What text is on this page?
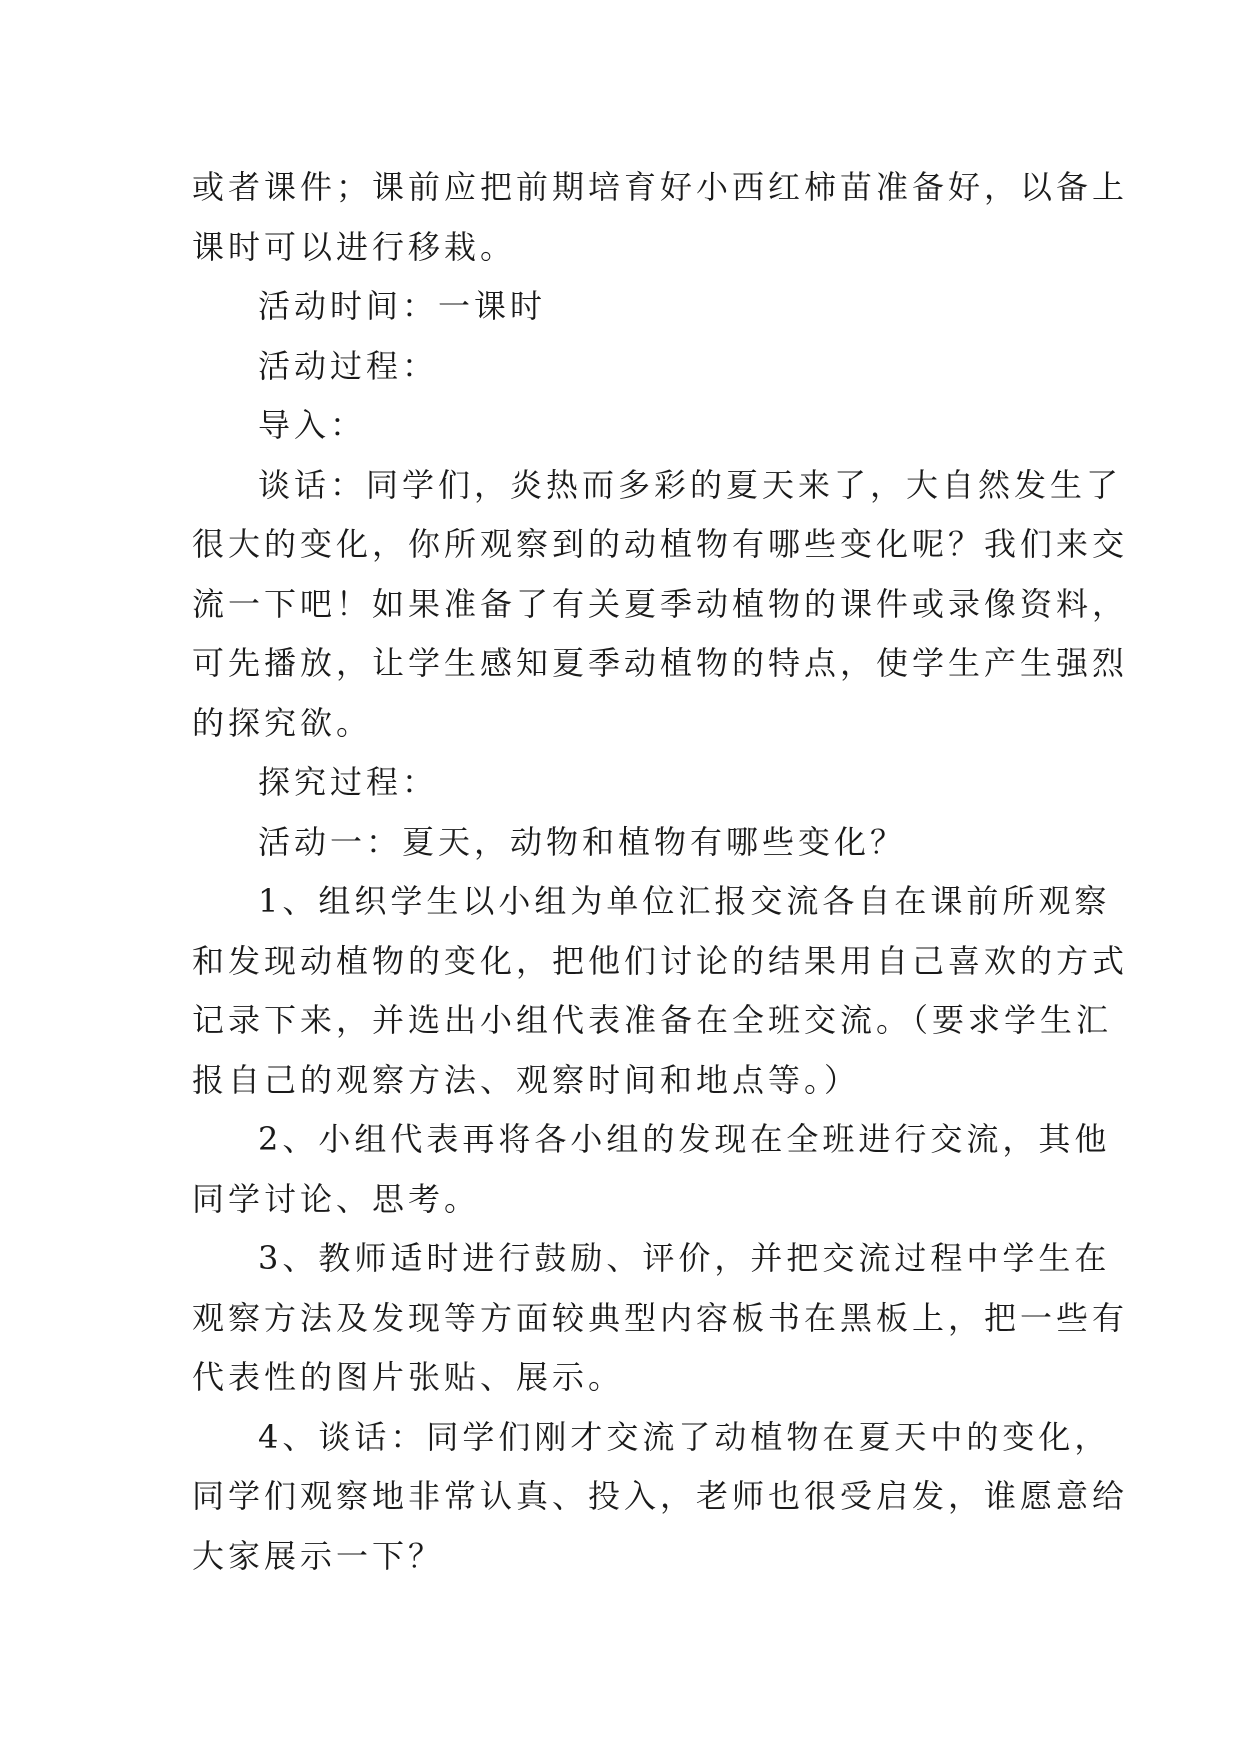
或者课件；课前应把前期培育好小西红柿苗准备好，以备上
课时可以进行移栽。
活动时间：一课时
活动过程：
导入：
谈话：同学们，炎热而多彩的夏天来了，大自然发生了
很大的变化，你所观察到的动植物有哪些变化呢？我们来交
流一下吧！如果准备了有关夏季动植物的课件或录像资料，
可先播放，让学生感知夏季动植物的特点，使学生产生强烈
的探究欲。
探究过程：
活动一：夏天，动物和植物有哪些变化？
1、组织学生以小组为单位汇报交流各自在课前所观察
和发现动植物的变化，把他们讨论的结果用自己喜欢的方式
记录下来，并选出小组代表准备在全班交流。（要求学生汇
报自己的观察方法、观察时间和地点等。）
2、小组代表再将各小组的发现在全班进行交流，其他
同学讨论、思考。
3、教师适时进行鼓励、评价，并把交流过程中学生在
观察方法及发现等方面较典型内容板书在黑板上，把一些有
代表性的图片张贴、展示。
4、谈话：同学们刚才交流了动植物在夏天中的变化，
同学们观察地非常认真、投入，老师也很受启发，谁愿意给
大家展示一下？
